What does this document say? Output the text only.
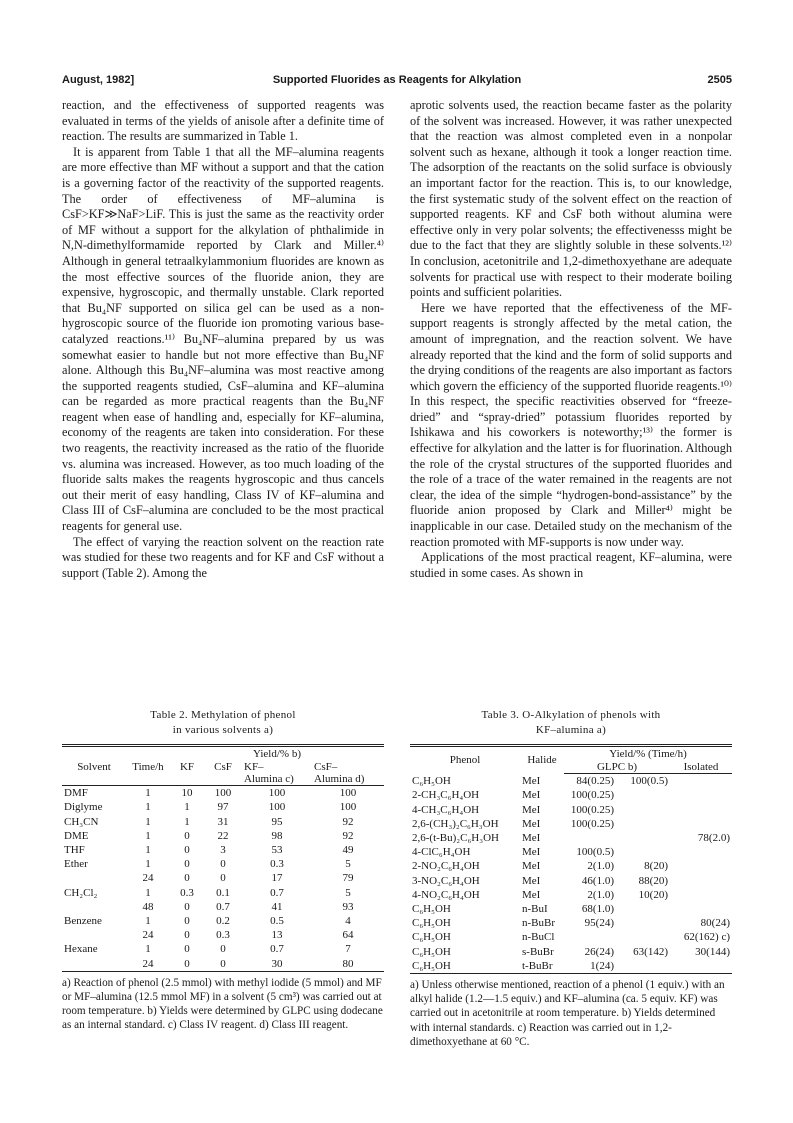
August, 1982]	Supported Fluorides as Reagents for Alkylation	2505

reaction, and the effectiveness of supported reagents was evaluated in terms of the yields of anisole after a definite time of reaction. The results are summarized in Table 1.

It is apparent from Table 1 that all the MF–alumina reagents are more effective than MF without a support and that the cation is a governing factor of the reactivity of the supported reagents. The order of effectiveness of MF–alumina is CsF>KF≫NaF>LiF. This is just the same as the reactivity order of MF without a support for the alkylation of phthalimide in N,N-dimethylformamide reported by Clark and Miller.⁴⁾ Although in general tetraalkylammonium fluorides are known as the most effective sources of the fluoride anion, they are expensive, hygroscopic, and thermally unstable. Clark reported that Bu₄NF supported on silica gel can be used as a non-hygroscopic source of the fluoride ion promoting various base-catalyzed reactions.¹¹⁾ Bu₄NF–alumina prepared by us was somewhat easier to handle but not more effective than Bu₄NF alone. Although this Bu₄NF–alumina was most reactive among the supported reagents studied, CsF–alumina and KF–alumina can be regarded as more practical reagents than the Bu₄NF reagent when ease of handling and, especially for KF–alumina, economy of the reagents are taken into consideration. For these two reagents, the reactivity increased as the ratio of the fluoride vs. alumina was increased. However, as too much loading of the fluoride salts makes the reagents hygroscopic and thus cancels out their merit of easy handling, Class IV of KF–alumina and Class III of CsF–alumina are concluded to be the most practical reagents for general use.

The effect of varying the reaction solvent on the reaction rate was studied for these two reagents and for KF and CsF without a support (Table 2). Among the

aprotic solvents used, the reaction became faster as the polarity of the solvent was increased. However, it was rather unexpected that the reaction was almost completed even in a nonpolar solvent such as hexane, although it took a longer reaction time. The adsorption of the reactants on the solid surface is obviously an important factor for the reaction. This is, to our knowledge, the first systematic study of the solvent effect on the reaction of supported reagents. KF and CsF both without alumina were effective only in very polar solvents; the effectivenesss might be due to the fact that they are slightly soluble in these solvents.¹²⁾ In conclusion, acetonitrile and 1,2-dimethoxyethane are adequate solvents for practical use with respect to their moderate boiling points and sufficient polarities.

Here we have reported that the effectiveness of the MF-support reagents is strongly affected by the metal cation, the amount of impregnation, and the reaction solvent. We have already reported that the kind and the form of solid supports and the drying conditions of the reagents are also important as factors which govern the efficiency of the supported fluoride reagents.¹⁰⁾ In this respect, the specific reactivities observed for “freeze-dried” and “spray-dried” potassium fluorides reported by Ishikawa and his coworkers is noteworthy;¹³⁾ the former is effective for alkylation and the latter is for fluorination. Although the role of the crystal structures of the supported fluorides and the role of a trace of the water remained in the reagents are not clear, the idea of the simple “hydrogen-bond-assistance” by the fluoride anion proposed by Clark and Miller⁴⁾ might be inapplicable in our case. Detailed study on the mechanism of the reaction promoted with MF-supports is now under way.

Applications of the most practical reagent, KF–alumina, were studied in some cases. As shown in

Table 2. Methylation of phenol
in various solvents a)
		Yield/% b)			
Solvent	Time/h	KF	CsF	KF–	CsF–
				Alumina c)	Alumina d)
DMF	1	10	100	100	100
Diglyme	1	1	97	100	100
CH₃CN	1	1	31	95	92
DME	1	0	22	98	92
THF	1	0	3	53	49
Ether	1	0	0	0.3	5
	24	0	0	17	79
CH₂Cl₂	1	0.3	0.1	0.7	5
	48	0	0.7	41	93
Benzene	1	0	0.2	0.5	4
	24	0	0.3	13	64
Hexane	1	0	0	0.7	7
	24	0	0	30	80
a) Reaction of phenol (2.5 mmol) with methyl iodide (5 mmol) and MF or MF–alumina (12.5 mmol MF) in a solvent (5 cm³) was carried out at room temperature. b) Yields were determined by GLPC using dodecane as an internal standard. c) Class IV reagent. d) Class III reagent.
Table 3. O-Alkylation of phenols with
KF–alumina a)
Phenol	Halide	Yield/% (Time/h)		
		GLPC b)		Isolated
C₆H₅OH	MeI	84(0.25)	100(0.5)	
2-CH₃C₆H₄OH	MeI	100(0.25)		
4-CH₃C₆H₄OH	MeI	100(0.25)		
2,6-(CH₃)₂C₆H₃OH	MeI	100(0.25)		
2,6-(t-Bu)₂C₆H₃OH	MeI			78(2.0)
4-ClC₆H₄OH	MeI	100(0.5)		
2-NO₂C₆H₄OH	MeI	2(1.0)	8(20)	
3-NO₂C₆H₄OH	MeI	46(1.0)	88(20)	
4-NO₂C₆H₄OH	MeI	2(1.0)	10(20)	
C₆H₅OH	n-BuI	68(1.0)		
C₆H₅OH	n-BuBr	95(24)		80(24)
C₆H₅OH	n-BuCl			62(162) c)
C₆H₅OH	s-BuBr	26(24)	63(142)	30(144)
C₆H₅OH	t-BuBr	1(24)		
a) Unless otherwise mentioned, reaction of a phenol (1 equiv.) with an alkyl halide (1.2—1.5 equiv.) and KF–alumina (ca. 5 equiv. KF) was carried out in acetonitrile at room temperature. b) Yields determined with internal standards. c) Reaction was carried out in 1,2-dimethoxyethane at 60 °C.
